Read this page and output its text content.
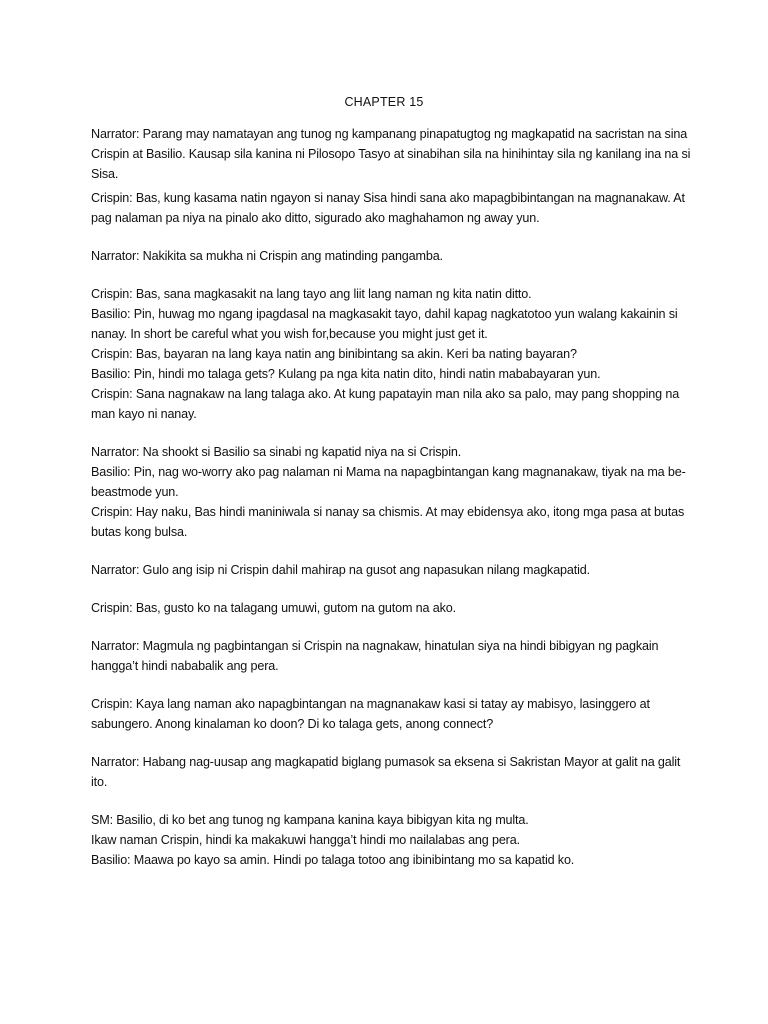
CHAPTER 15

Narrator: Parang may namatayan ang tunog ng kampanang pinapatugtog ng magkapatid na sacristan na sina Crispin at Basilio. Kausap sila kanina ni Pilosopo Tasyo at sinabihan sila na hinihintay sila ng kanilang ina na si Sisa.

Crispin: Bas, kung kasama natin ngayon si nanay Sisa hindi sana ako mapagbibintangan na magnanakaw. At pag nalaman pa niya na pinalo ako ditto, sigurado ako maghahamon ng away yun.

Narrator: Nakikita sa mukha ni Crispin ang matinding pangamba.

Crispin: Bas, sana magkasakit na lang tayo ang liit lang naman ng kita natin ditto.

Basilio: Pin, huwag mo ngang ipagdasal na magkasakit tayo, dahil kapag nagkatotoo yun walang kakainin si nanay. In short be careful what you wish for,because you might just get it.

Crispin: Bas, bayaran na lang kaya natin ang binibintang sa akin. Keri ba nating bayaran?

Basilio: Pin, hindi mo talaga gets? Kulang pa nga kita natin dito, hindi natin mababayaran yun.

Crispin: Sana nagnakaw na lang talaga ako. At kung papatayin man nila ako sa palo, may pang shopping na man kayo ni nanay.

Narrator: Na shookt si Basilio sa sinabi ng kapatid niya na si Crispin.

Basilio: Pin, nag wo-worry ako pag nalaman ni Mama na napagbintangan kang magnanakaw, tiyak na ma be-beastmode yun.

Crispin: Hay naku, Bas hindi maniniwala si nanay sa chismis. At may ebidensya ako, itong mga pasa at butas butas kong bulsa.

Narrator: Gulo ang isip ni Crispin dahil mahirap na gusot ang napasukan nilang magkapatid.

Crispin: Bas, gusto ko na talagang umuwi, gutom na gutom na ako.

Narrator: Magmula ng pagbintangan si Crispin na nagnakaw, hinatulan siya na hindi bibigyan ng pagkain hangga’t hindi nababalik ang pera.

Crispin: Kaya lang naman ako napagbintangan na magnanakaw kasi si tatay ay mabisyo, lasinggero at sabungero. Anong kinalaman ko doon? Di ko talaga gets, anong connect?

Narrator: Habang nag-uusap ang magkapatid biglang pumasok sa eksena si Sakristan Mayor at galit na galit ito.

SM: Basilio, di ko bet ang tunog ng kampana kanina kaya bibigyan kita ng multa.

Ikaw naman Crispin, hindi ka makakuwi hangga’t hindi mo nailalabas ang pera.

Basilio: Maawa po kayo sa amin. Hindi po talaga totoo ang ibinibintang mo sa kapatid ko.
